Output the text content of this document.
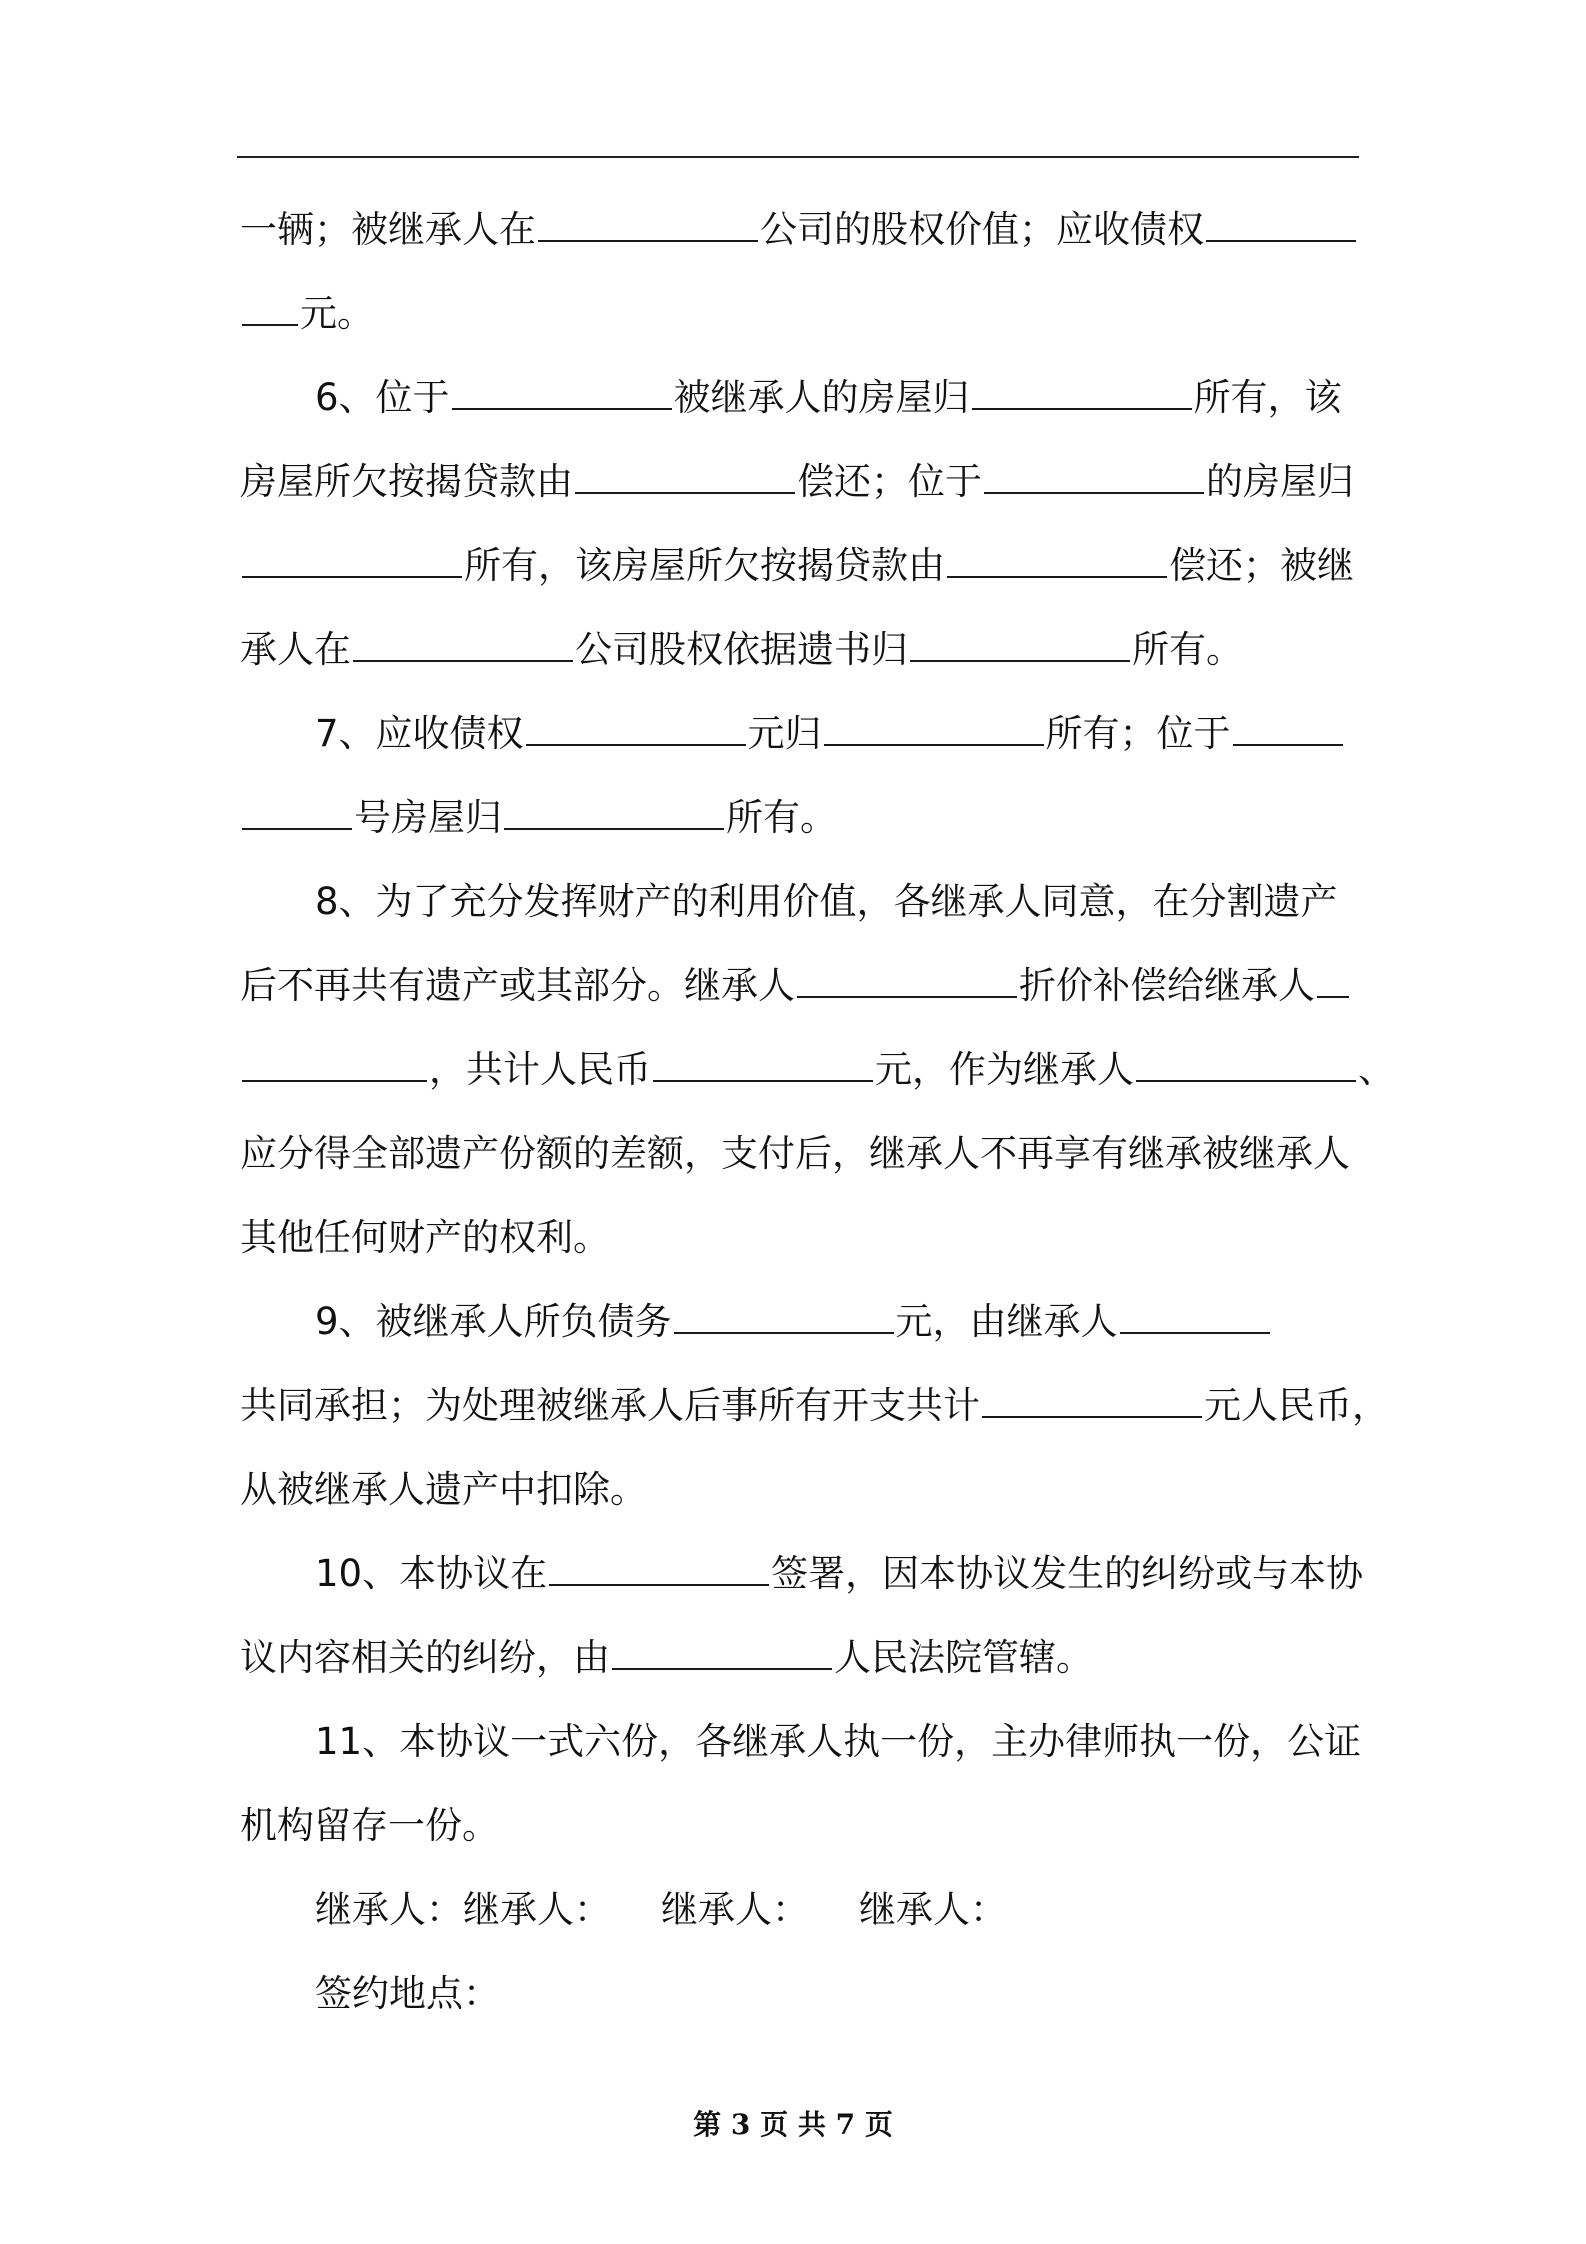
一辆；被继承人在	公司的股权价值；应收债权
元。
6、位于	被继承人的房屋归	所有，该
房屋所欠按揭贷款由	偿还；位于	的房屋归
所有，该房屋所欠按揭贷款由	偿还；被继
承人在	公司股权依据遗书归	所有。
7、应收债权	元归	所有；位于
号房屋归	所有。
8、为了充分发挥财产的利用价值，各继承人同意，在分割遗产
后不再共有遗产或其部分。继承人	折价补偿给继承人
，共计人民币	元，作为继承人	、
应分得全部遗产份额的差额，支付后，继承人不再享有继承被继承人
其他任何财产的权利。
9、被继承人所负债务	元，由继承人
共同承担；为处理被继承人后事所有开支共计	元人民币，
从被继承人遗产中扣除。
10、本协议在	签署，因本协议发生的纠纷或与本协
议内容相关的纠纷，由	人民法院管辖。
11、本协议一式六份，各继承人执一份，主办律师执一份，公证
机构留存一份。
继承人：继承人： 继承人： 继承人：
签约地点：
第 3 页 共 7 页
